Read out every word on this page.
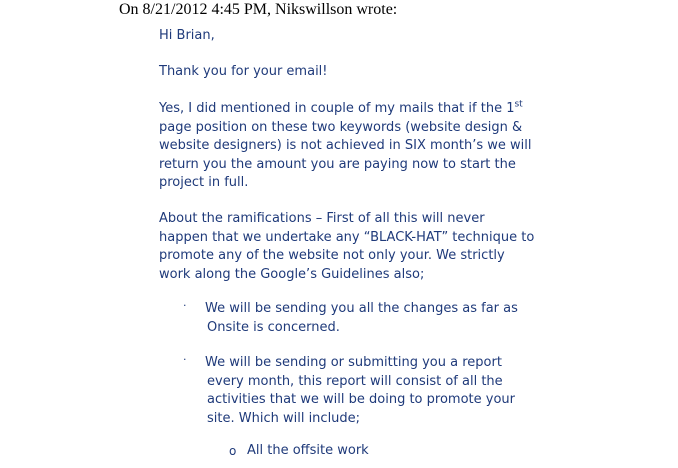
On 8/21/2012 4:45 PM, Nikswillson wrote:
Hi Brian,
Thank you for your email!
Yes, I did mentioned in couple of my mails that if the 1st
page position on these two keywords (website design &
website designers) is not achieved in SIX month’s we will
return you the amount you are paying now to start the
project in full.
About the ramifications – First of all this will never
happen that we undertake any “BLACK-HAT” technique to
promote any of the website not only your. We strictly
work along the Google’s Guidelines also;
· We will be sending you all the changes as far as
Onsite is concerned.
· We will be sending or submitting you a report
every month, this report will consist of all the
activities that we will be doing to promote your
site. Which will include;
o All the offsite work
